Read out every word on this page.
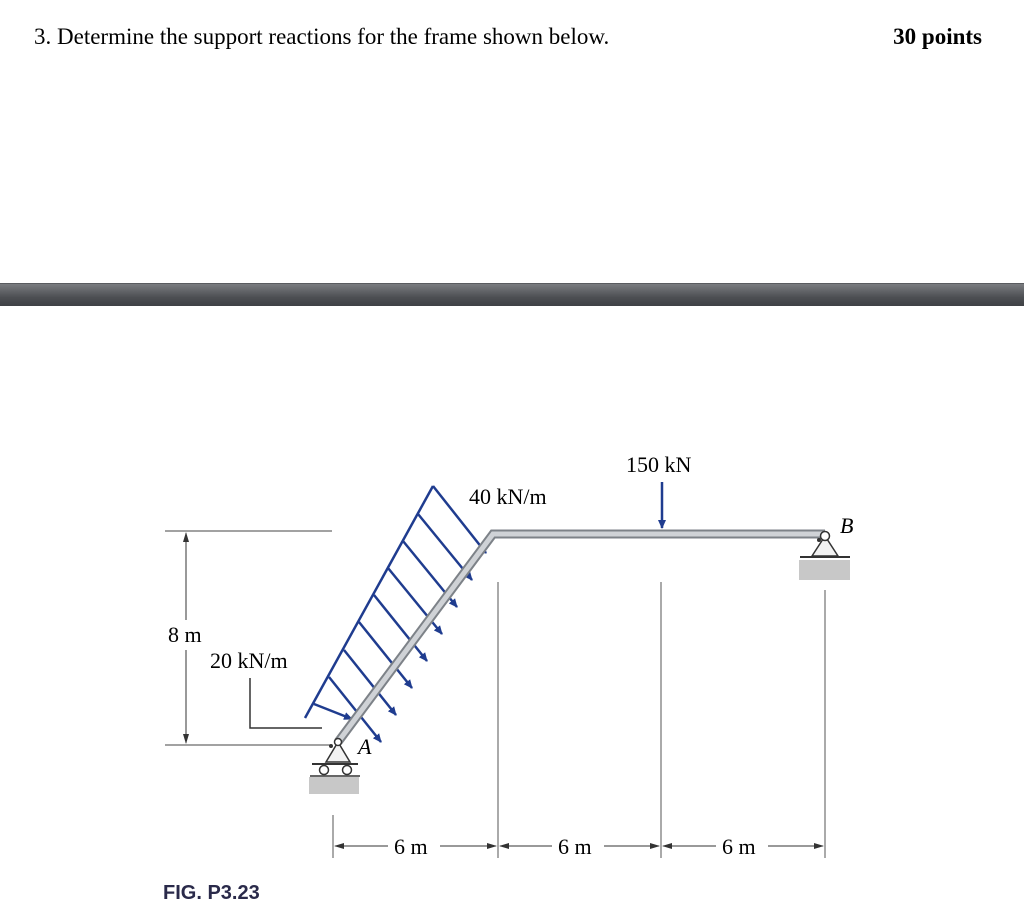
3. Determine the support reactions for the frame shown below.	30 points
150 kN
40 kN/m
20 kN/m
8 m
A
B
6 m	6 m	6 m
FIG. P3.23
